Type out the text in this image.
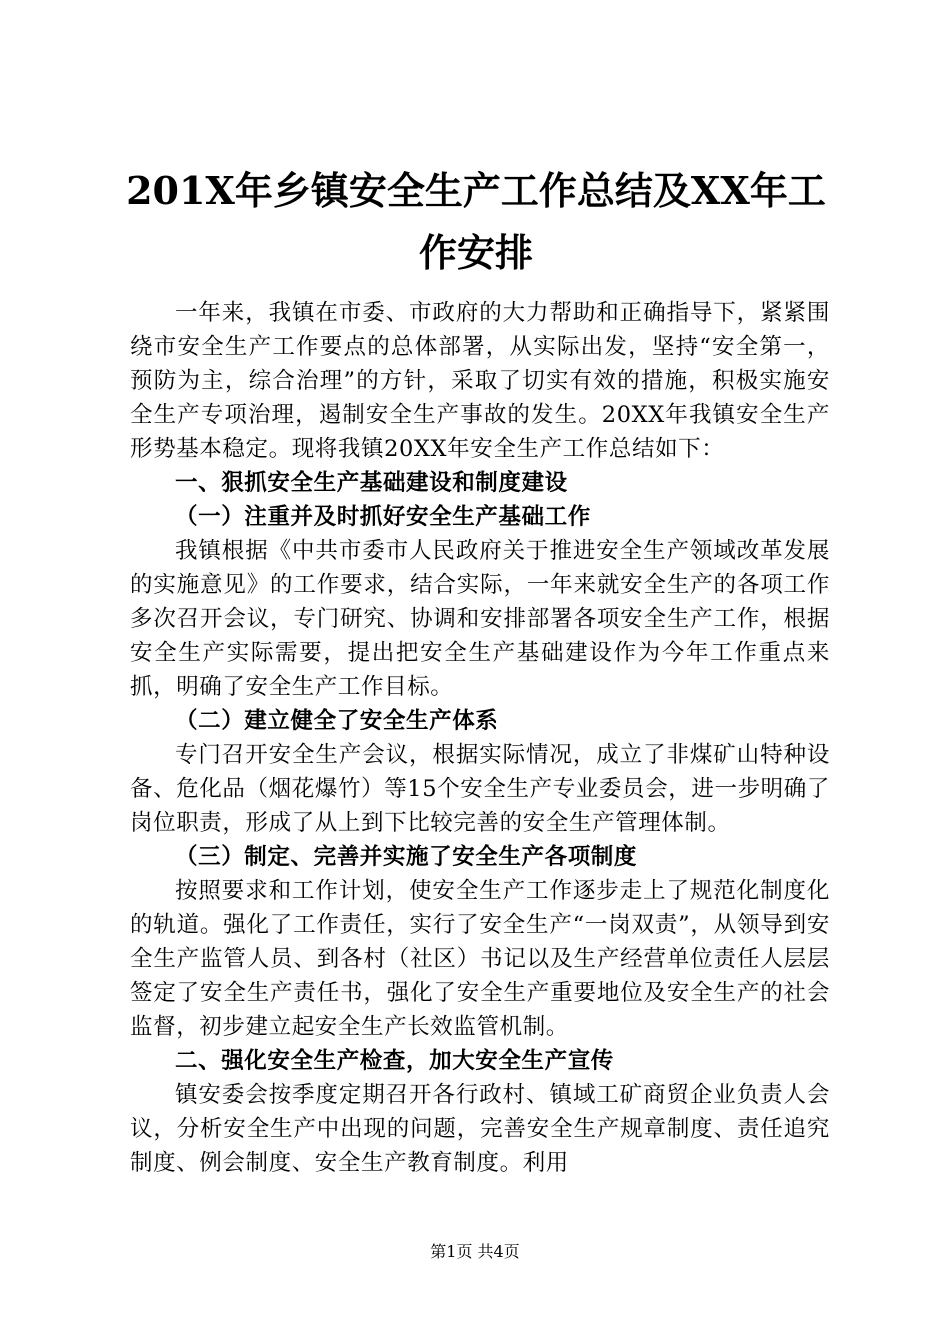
201X年乡镇安全生产工作总结及XX年工作安排

一年来，我镇在市委、市政府的大力帮助和正确指导下，紧紧围绕市安全生产工作要点的总体部署，从实际出发，坚持“安全第一，预防为主，综合治理”的方针，采取了切实有效的措施，积极实施安全生产专项治理，遏制安全生产事故的发生。20XX年我镇安全生产形势基本稳定。现将我镇20XX年安全生产工作总结如下：

一、狠抓安全生产基础建设和制度建设

（一）注重并及时抓好安全生产基础工作

我镇根据《中共市委市人民政府关于推进安全生产领域改革发展的实施意见》的工作要求，结合实际，一年来就安全生产的各项工作多次召开会议，专门研究、协调和安排部署各项安全生产工作，根据安全生产实际需要，提出把安全生产基础建设作为今年工作重点来抓，明确了安全生产工作目标。

（二）建立健全了安全生产体系

专门召开安全生产会议，根据实际情况，成立了非煤矿山特种设备、危化品（烟花爆竹）等15个安全生产专业委员会，进一步明确了岗位职责，形成了从上到下比较完善的安全生产管理体制。

（三）制定、完善并实施了安全生产各项制度

按照要求和工作计划，使安全生产工作逐步走上了规范化制度化的轨道。强化了工作责任，实行了安全生产“一岗双责”，从领导到安全生产监管人员、到各村（社区）书记以及生产经营单位责任人层层签定了安全生产责任书，强化了安全生产重要地位及安全生产的社会监督，初步建立起安全生产长效监管机制。

二、强化安全生产检查，加大安全生产宣传

镇安委会按季度定期召开各行政村、镇域工矿商贸企业负责人会议，分析安全生产中出现的问题，完善安全生产规章制度、责任追究制度、例会制度、安全生产教育制度。利用

第1页 共4页
